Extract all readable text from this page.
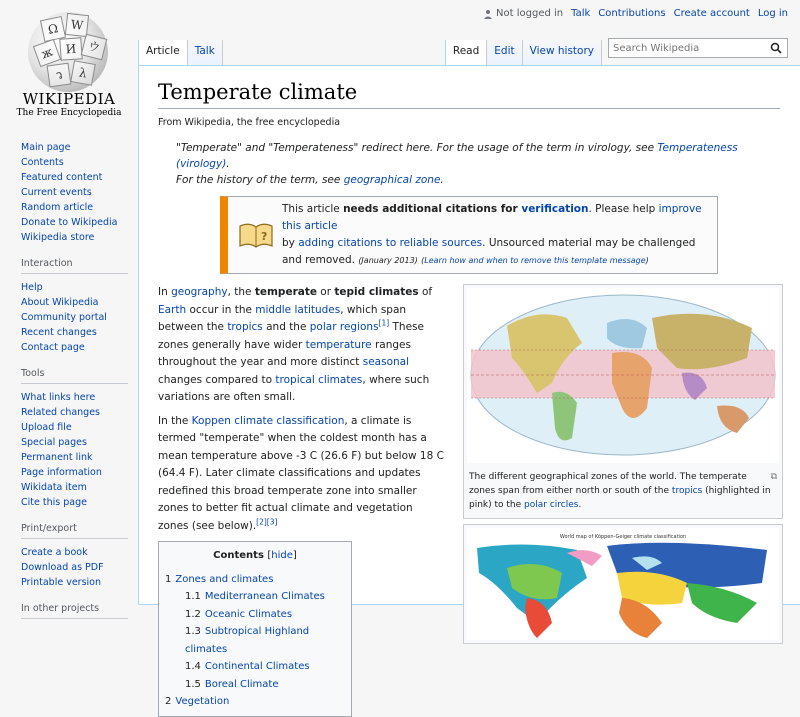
Not logged in Talk Contributions Create account Log in
Ω W
ж И ウ
ว	λ
WIKIPEDIA
The Free Encyclopedia
Main page
Contents
Featured content
Current events
Random article
Donate to Wikipedia
Wikipedia store
Interaction
Help
About Wikipedia
Community portal
Recent changes
Contact page
Tools
What links here
Related changes
Upload file
Special pages
Permanent link
Page information
Wikidata item
Cite this page
Print/export
Create a book
Download as PDF
Printable version
In other projects
Article	Talk	Read	Edit	View history
Search Wikipedia
Temperate climate
From Wikipedia, the free encyclopedia
"Temperate" and "Temperateness" redirect here. For the usage of the term in virology, see Temperateness (virology).
For the history of the term, see geographical zone.
?
This article needs additional citations for verification. Please help improve this article
by adding citations to reliable sources. Unsourced material may be challenged and removed. (January 2013) (Learn how and when to remove this template message)

In geography, the temperate or tepid climates of Earth occur in the middle latitudes, which span between the tropics and the polar regions[1] These zones generally have wider temperature ranges throughout the year and more distinct seasonal changes compared to tropical climates, where such variations are often small.

In the Koppen climate classification, a climate is termed "temperate" when the coldest month has a mean temperature above -3 C (26.6 F) but below 18 C (64.4 F). Later climate classifications and updates redefined this broad temperate zone into smaller zones to better fit actual climate and vegetation zones (see below).[2][3]

Contents [hide]
1 Zones and climates
1.1 Mediterranean Climates
1.2 Oceanic Climates
1.3 Subtropical Highland climates
1.4 Continental Climates
1.5 Boreal Climate
2 Vegetation
⧉
The different geographical zones of the world. The temperate zones span from either north or south of the tropics (highlighted in pink) to the polar circles.
World map of Köppen-Geiger climate classification
